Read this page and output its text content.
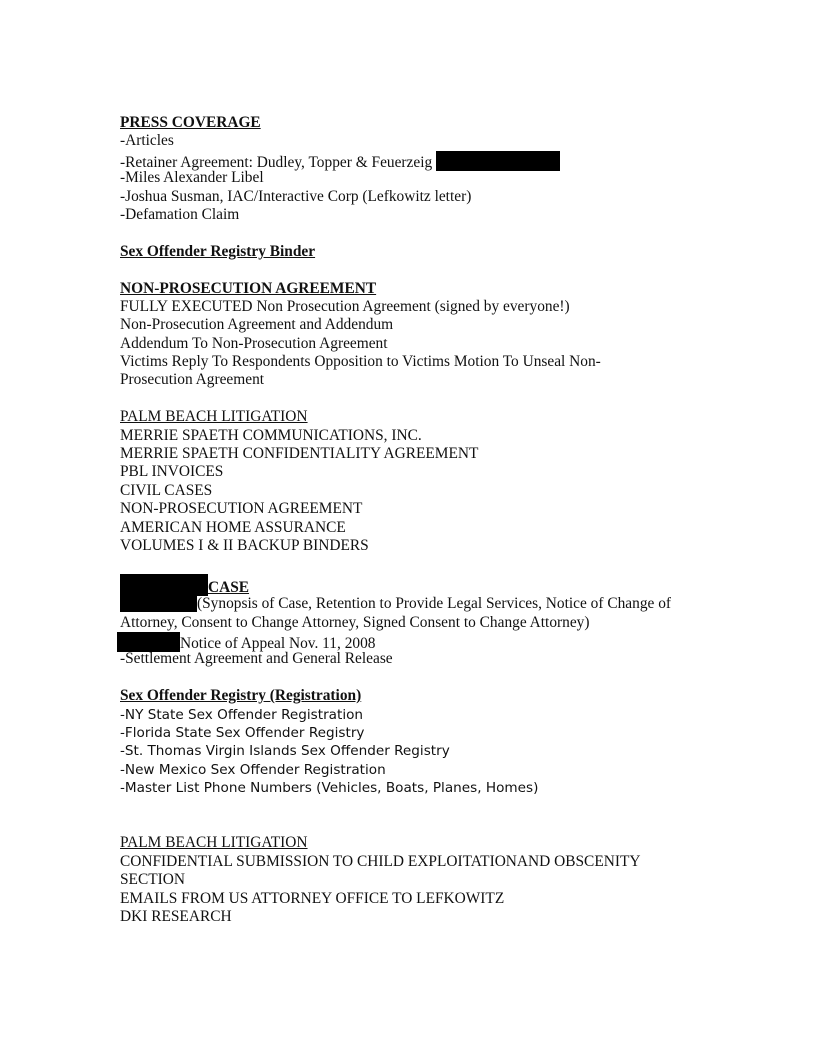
PRESS COVERAGE
-Articles
-Retainer Agreement: Dudley, Topper & Feuerzeig
-Miles Alexander Libel
-Joshua Susman, IAC/Interactive Corp (Lefkowitz letter)
-Defamation Claim
Sex Offender Registry Binder
NON-PROSECUTION AGREEMENT
FULLY EXECUTED Non Prosecution Agreement (signed by everyone!)
Non-Prosecution Agreement and Addendum
Addendum To Non-Prosecution Agreement
Victims Reply To Respondents Opposition to Victims Motion To Unseal Non-Prosecution Agreement
PALM BEACH LITIGATION
MERRIE SPAETH COMMUNICATIONS, INC.
MERRIE SPAETH CONFIDENTIALITY AGREEMENT
PBL INVOICES
CIVIL CASES
NON-PROSECUTION AGREEMENT
AMERICAN HOME ASSURANCE
VOLUMES I & II BACKUP BINDERS
CASE
(Synopsis of Case, Retention to Provide Legal Services, Notice of Change of Attorney, Consent to Change Attorney, Signed Consent to Change Attorney)
Notice of Appeal Nov. 11, 2008
-Settlement Agreement and General Release
Sex Offender Registry (Registration)
-NY State Sex Offender Registration
-Florida State Sex Offender Registry
-St. Thomas Virgin Islands Sex Offender Registry
-New Mexico Sex Offender Registration
-Master List Phone Numbers (Vehicles, Boats, Planes, Homes)
PALM BEACH LITIGATION
CONFIDENTIAL SUBMISSION TO CHILD EXPLOITATIONAND OBSCENITY SECTION
EMAILS FROM US ATTORNEY OFFICE TO LEFKOWITZ
DKI RESEARCH
